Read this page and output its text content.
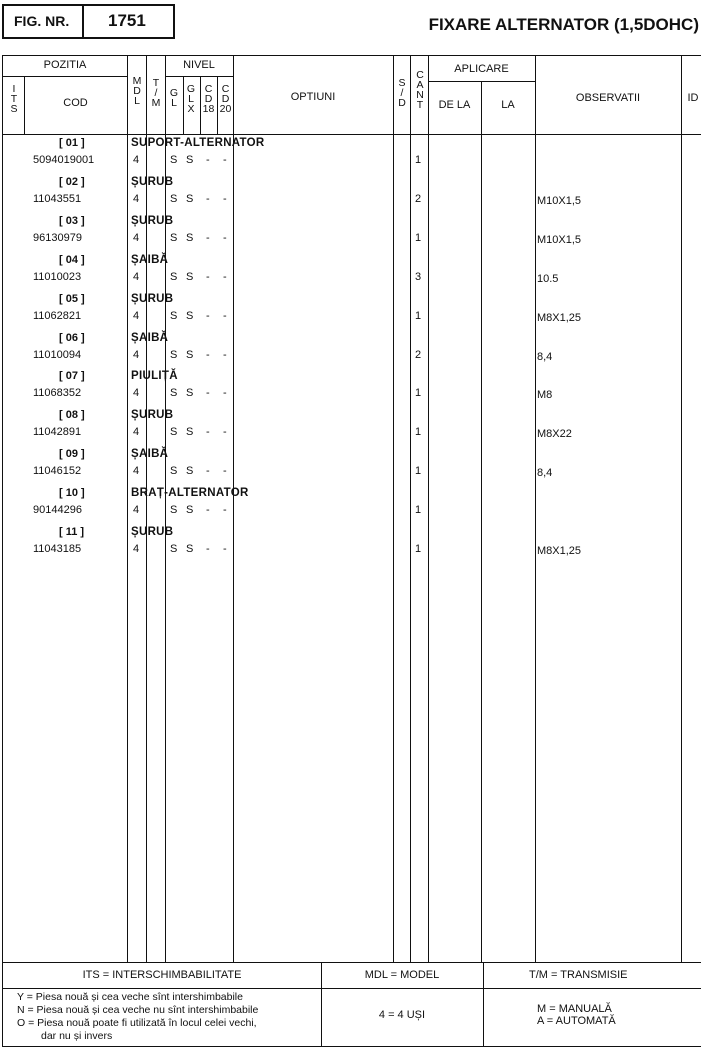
FIG. NR. 1751	FIXARE ALTERNATOR (1,5DOHC)
POZITIA
I
T
S	COD
M
D
L
T
/
M
NIVEL
G
L
G
L
X
C
D
18
C
D
20
OPTIUNI
S
/
D
C
A
N
T
APLICARE
DE LA	LA
OBSERVATII	ID
[ 01 ]	SUPORT-ALTERNATOR
5094019001	4	S S - -	1
[ 02 ]	ȘURUB
11043551	4	S S - -	2	M10X1,5
[ 03 ]	ȘURUB
96130979	4	S S - -	1	M10X1,5
[ 04 ]	ȘAIBĂ
11010023	4	S S - -	3	10.5
[ 05 ]	ȘURUB
11062821	4	S S - -	1	M8X1,25
[ 06 ]	ȘAIBĂ
11010094	4	S S - -	2	8,4
[ 07 ]	PIULIȚĂ
11068352	4	S S - -	1	M8
[ 08 ]	ȘURUB
11042891	4	S S - -	1	M8X22
[ 09 ]	ȘAIBĂ
11046152	4	S S - -	1	8,4
[ 10 ]	BRAȚ-ALTERNATOR
90144296	4	S S - -	1
[ 11 ]	ȘURUB
11043185	4	S S - -	1	M8X1,25
ITS = INTERSCHIMBABILITATE	MDL = MODEL	T/M = TRANSMISIE
Y = Piesa nouă și cea veche sînt intershimbabile
N = Piesa nouă și cea veche nu sînt intershimbabile
O = Piesa nouă poate fi utilizată în locul celei vechi,
dar nu și invers
4 = 4 UȘI	M = MANUALĂ
A = AUTOMATĂ
